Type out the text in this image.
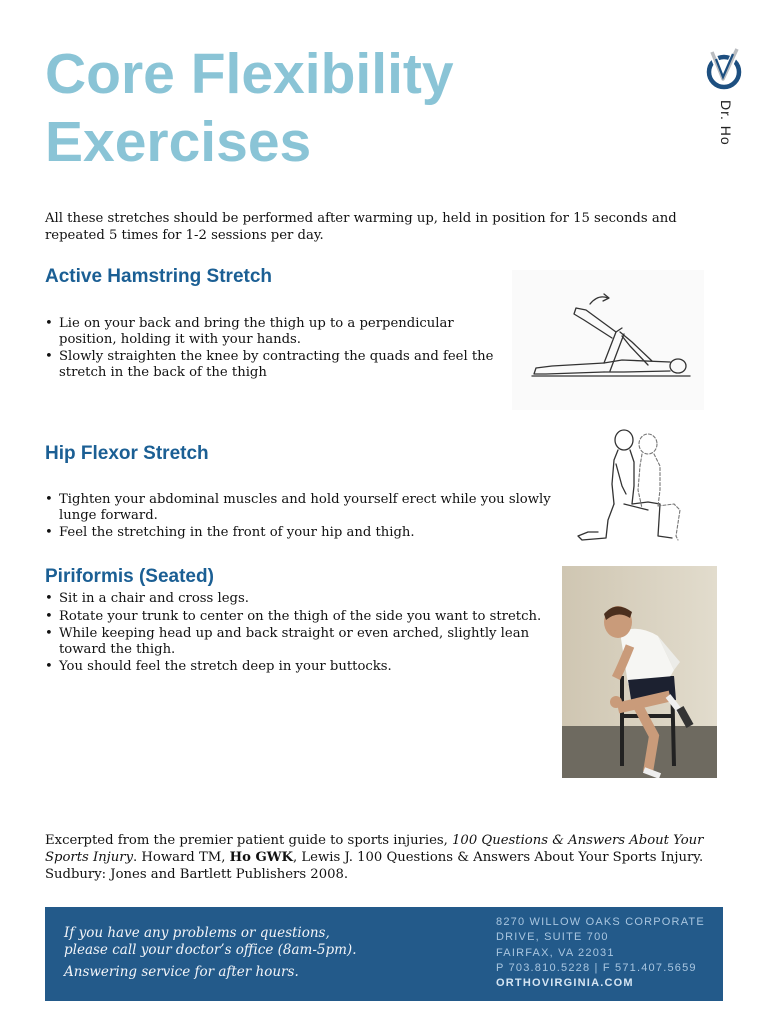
Core Flexibility
Exercises	Dr. Ho

All these stretches should be performed after warming up, held in position for 15 seconds and repeated 5 times for 1-2 sessions per day.

Active Hamstring Stretch
• Lie on your back and bring the thigh up to a perpendicular position, holding it with your hands.
• Slowly straighten the knee by contracting the quads and feel the stretch in the back of the thigh
Hip Flexor Stretch
• Tighten your abdominal muscles and hold yourself erect while you slowly lunge forward.
• Feel the stretching in the front of your hip and thigh.
Piriformis (Seated)
• Sit in a chair and cross legs.
• Rotate your trunk to center on the thigh of the side you want to stretch.
• While keeping head up and back straight or even arched, slightly lean toward the thigh.
• You should feel the stretch deep in your buttocks.

Excerpted from the premier patient guide to sports injuries, 100 Questions & Answers About Your Sports Injury. Howard TM, Ho GWK, Lewis J. 100 Questions & Answers About Your Sports Injury. Sudbury: Jones and Bartlett Publishers 2008.

If you have any problems or questions,
please call your doctor’s office (8am-5pm).
Answering service for after hours.
8270 WILLOW OAKS CORPORATE
DRIVE, SUITE 700
FAIRFAX, VA 22031
P 703.810.5228 | F 571.407.5659
ORTHOVIRGINIA.COM
